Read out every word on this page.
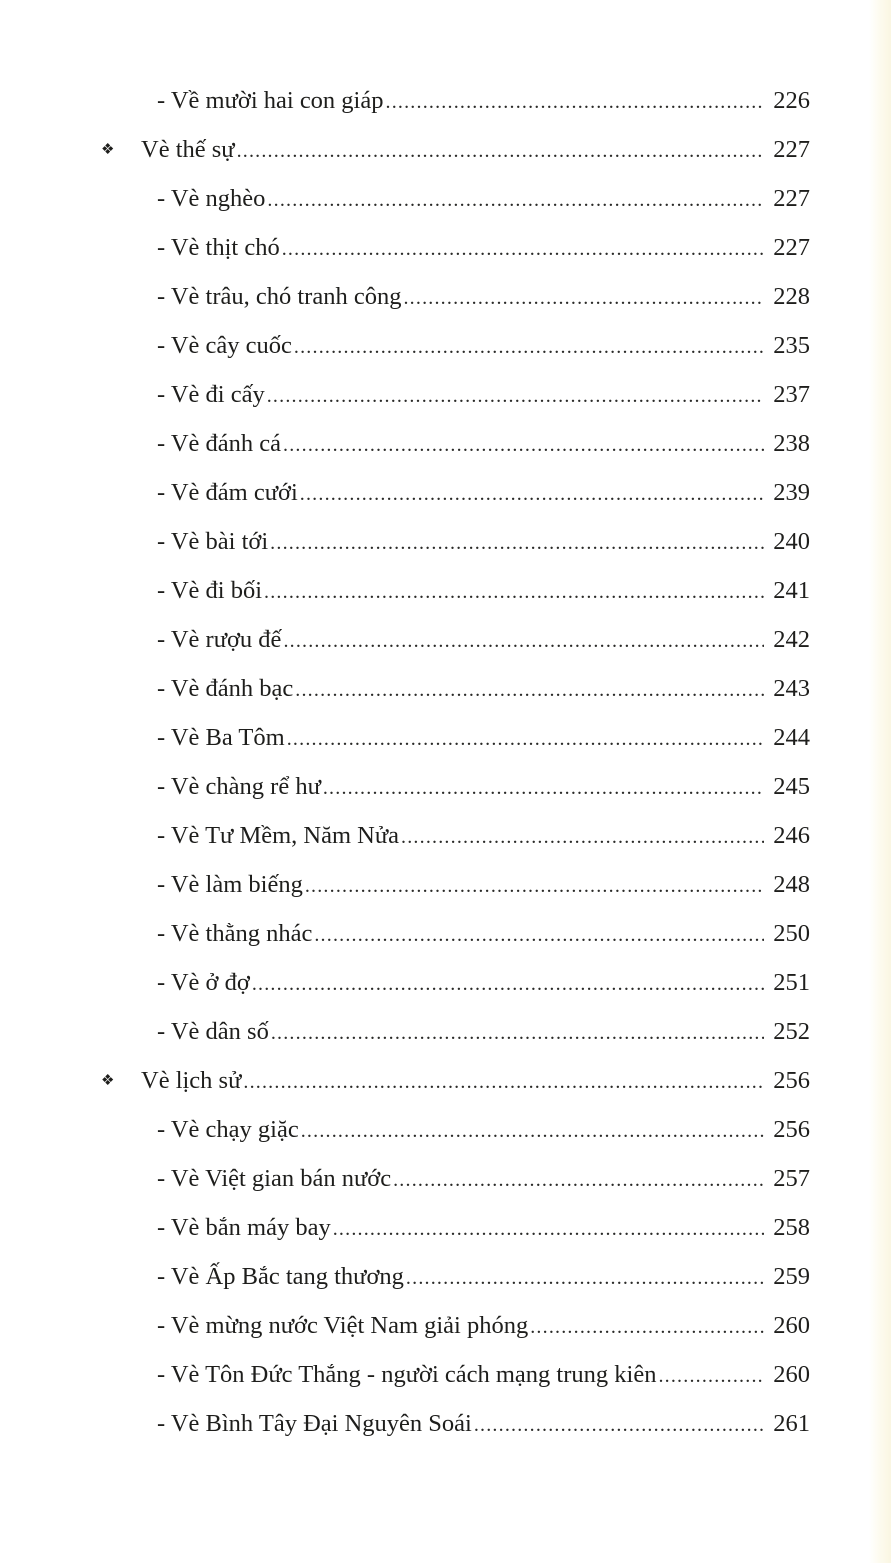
- Về mười hai con giáp .....	226
❖	Vè thế sự .....	227
- Vè nghèo .....	227
- Vè thịt chó .....	227
- Vè trâu, chó tranh công .....	228
- Vè cây cuốc .....	235
- Vè đi cấy .....	237
- Vè đánh cá .....	238
- Vè đám cưới .....	239
- Vè bài tới .....	240
- Vè đi bối .....	241
- Vè rượu đế .....	242
- Vè đánh bạc .....	243
- Vè Ba Tôm .....	244
- Vè chàng rể hư .....	245
- Vè Tư Mềm, Năm Nửa .....	246
- Vè làm biếng .....	248
- Vè thằng nhác .....	250
- Vè ở đợ .....	251
- Vè dân số .....	252
❖	Vè lịch sử .....	256
- Vè chạy giặc .....	256
- Vè Việt gian bán nước .....	257
- Vè bắn máy bay .....	258
- Vè Ấp Bắc tang thương .....	259
- Vè mừng nước Việt Nam giải phóng .....	260
- Vè Tôn Đức Thắng - người cách mạng trung kiên .....	260
- Vè Bình Tây Đại Nguyên Soái .....	261
